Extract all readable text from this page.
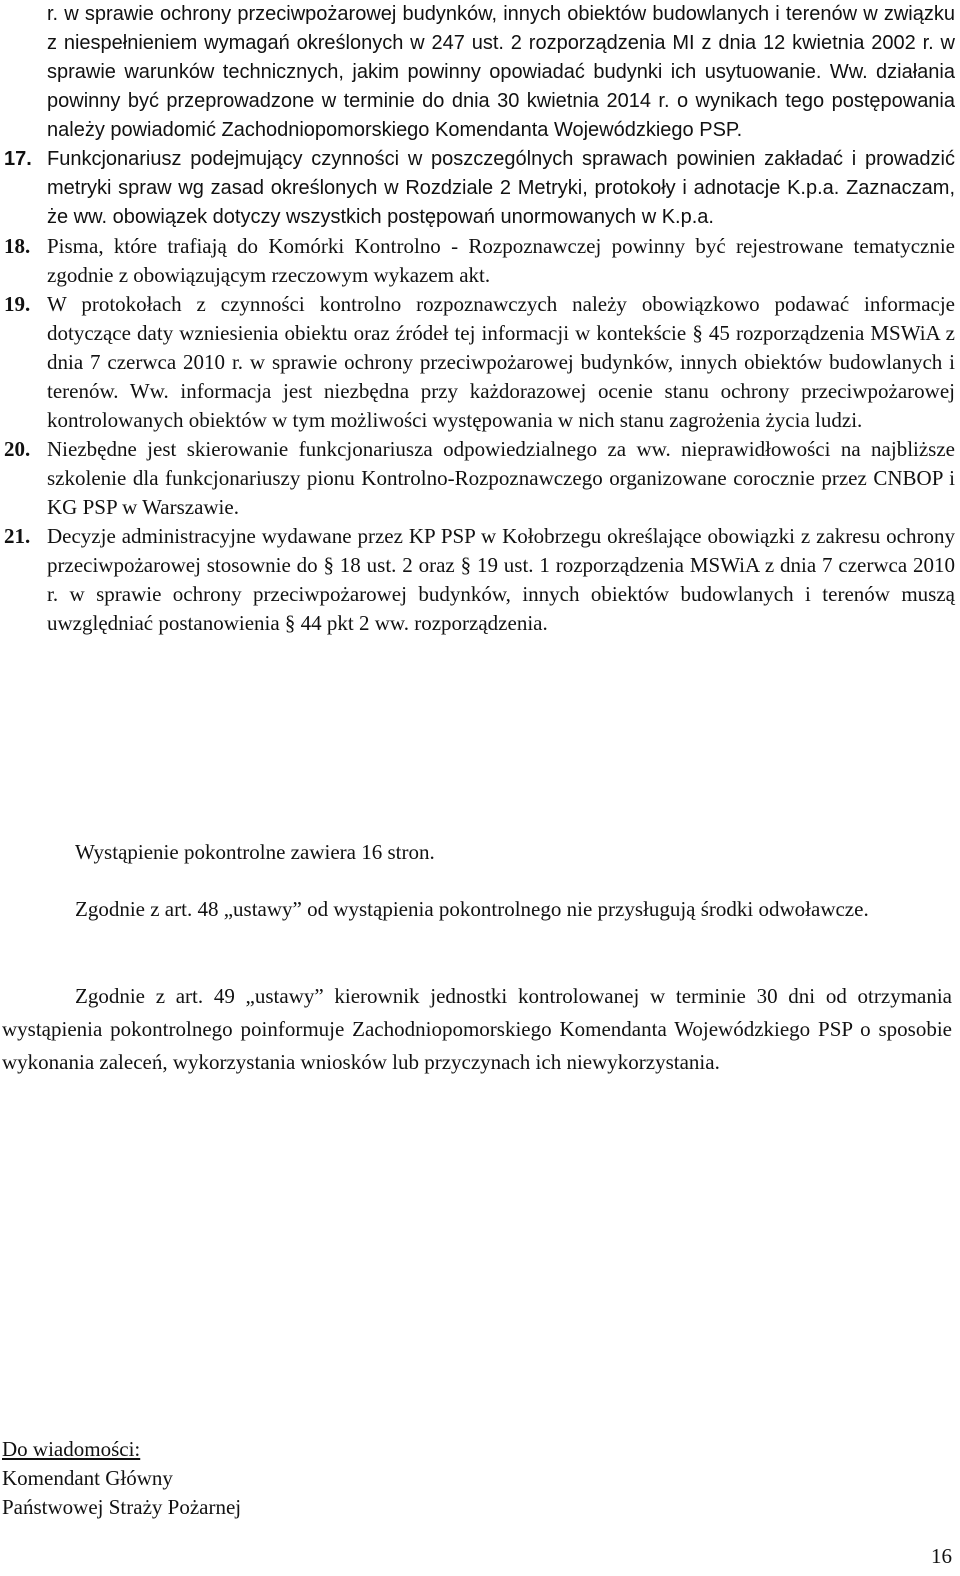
r. w sprawie ochrony przeciwpożarowej budynków, innych obiektów budowlanych i terenów w związku z niespełnieniem wymagań określonych w 247 ust. 2 rozporządzenia MI z dnia 12 kwietnia 2002 r. w sprawie warunków technicznych, jakim powinny opowiadać budynki ich usytuowanie. Ww. działania powinny być przeprowadzone w terminie do dnia 30 kwietnia 2014 r. o wynikach tego postępowania należy powiadomić Zachodniopomorskiego Komendanta Wojewódzkiego PSP.
17. Funkcjonariusz podejmujący czynności w poszczególnych sprawach powinien zakładać i prowadzić metryki spraw wg zasad określonych w Rozdziale 2 Metryki, protokoły i adnotacje K.p.a. Zaznaczam, że ww. obowiązek dotyczy wszystkich postępowań unormowanych w K.p.a.
18. Pisma, które trafiają do Komórki Kontrolno - Rozpoznawczej powinny być rejestrowane tematycznie zgodnie z obowiązującym rzeczowym wykazem akt.
19. W protokołach z czynności kontrolno rozpoznawczych należy obowiązkowo podawać informacje dotyczące daty wzniesienia obiektu oraz źródeł tej informacji w kontekście § 45 rozporządzenia MSWiA z dnia 7 czerwca 2010 r. w sprawie ochrony przeciwpożarowej budynków, innych obiektów budowlanych i terenów. Ww. informacja jest niezbędna przy każdorazowej ocenie stanu ochrony przeciwpożarowej kontrolowanych obiektów w tym możliwości występowania w nich stanu zagrożenia życia ludzi.
20. Niezbędne jest skierowanie funkcjonariusza odpowiedzialnego za ww. nieprawidłowości na najbliższe szkolenie dla funkcjonariuszy pionu Kontrolno-Rozpoznawczego organizowane corocznie przez CNBOP i KG PSP w Warszawie.
21. Decyzje administracyjne wydawane przez KP PSP w Kołobrzegu określające obowiązki z zakresu ochrony przeciwpożarowej stosownie do § 18 ust. 2 oraz § 19 ust. 1 rozporządzenia MSWiA z dnia 7 czerwca 2010 r. w sprawie ochrony przeciwpożarowej budynków, innych obiektów budowlanych i terenów muszą uwzględniać postanowienia § 44 pkt 2 ww. rozporządzenia.
Wystąpienie pokontrolne zawiera 16 stron.
Zgodnie z art. 48 „ustawy” od wystąpienia pokontrolnego nie przysługują środki odwoławcze.
Zgodnie z art. 49 „ustawy” kierownik jednostki kontrolowanej w terminie 30 dni od otrzymania wystąpienia pokontrolnego poinformuje Zachodniopomorskiego Komendanta Wojewódzkiego PSP o sposobie wykonania zaleceń, wykorzystania wniosków lub przyczynach ich niewykorzystania.
Do wiadomości:
Komendant Główny
Państwowej Straży Pożarnej
16
